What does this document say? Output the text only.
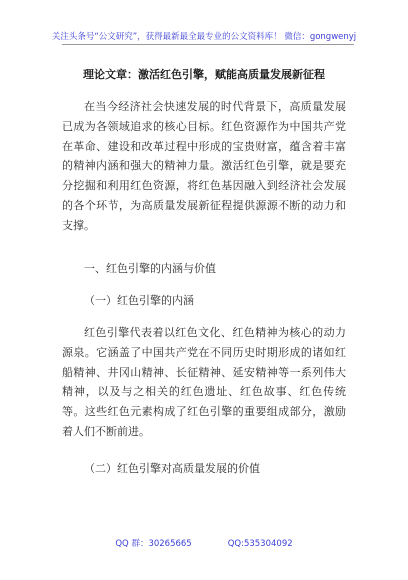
关注头条号“公文研究”，获得最新最全最专业的公文资料库！ 微信：gongwenyj
理论文章：激活红色引擎，赋能高质量发展新征程

在当今经济社会快速发展的时代背景下，高质量发展已成为各领域追求的核心目标。红色资源作为中国共产党在革命、建设和改革过程中形成的宝贵财富，蕴含着丰富的精神内涵和强大的精神力量。激活红色引擎，就是要充分挖掘和利用红色资源，将红色基因融入到经济社会发展的各个环节，为高质量发展新征程提供源源不断的动力和支撑。

一、红色引擎的内涵与价值

（一）红色引擎的内涵

红色引擎代表着以红色文化、红色精神为核心的动力源泉。它涵盖了中国共产党在不同历史时期形成的诸如红船精神、井冈山精神、长征精神、延安精神等一系列伟大精神，以及与之相关的红色遗址、红色故事、红色传统等。这些红色元素构成了红色引擎的重要组成部分，激励着人们不断前进。

（二）红色引擎对高质量发展的价值

QQ 群：30265665	QQ:535304092
